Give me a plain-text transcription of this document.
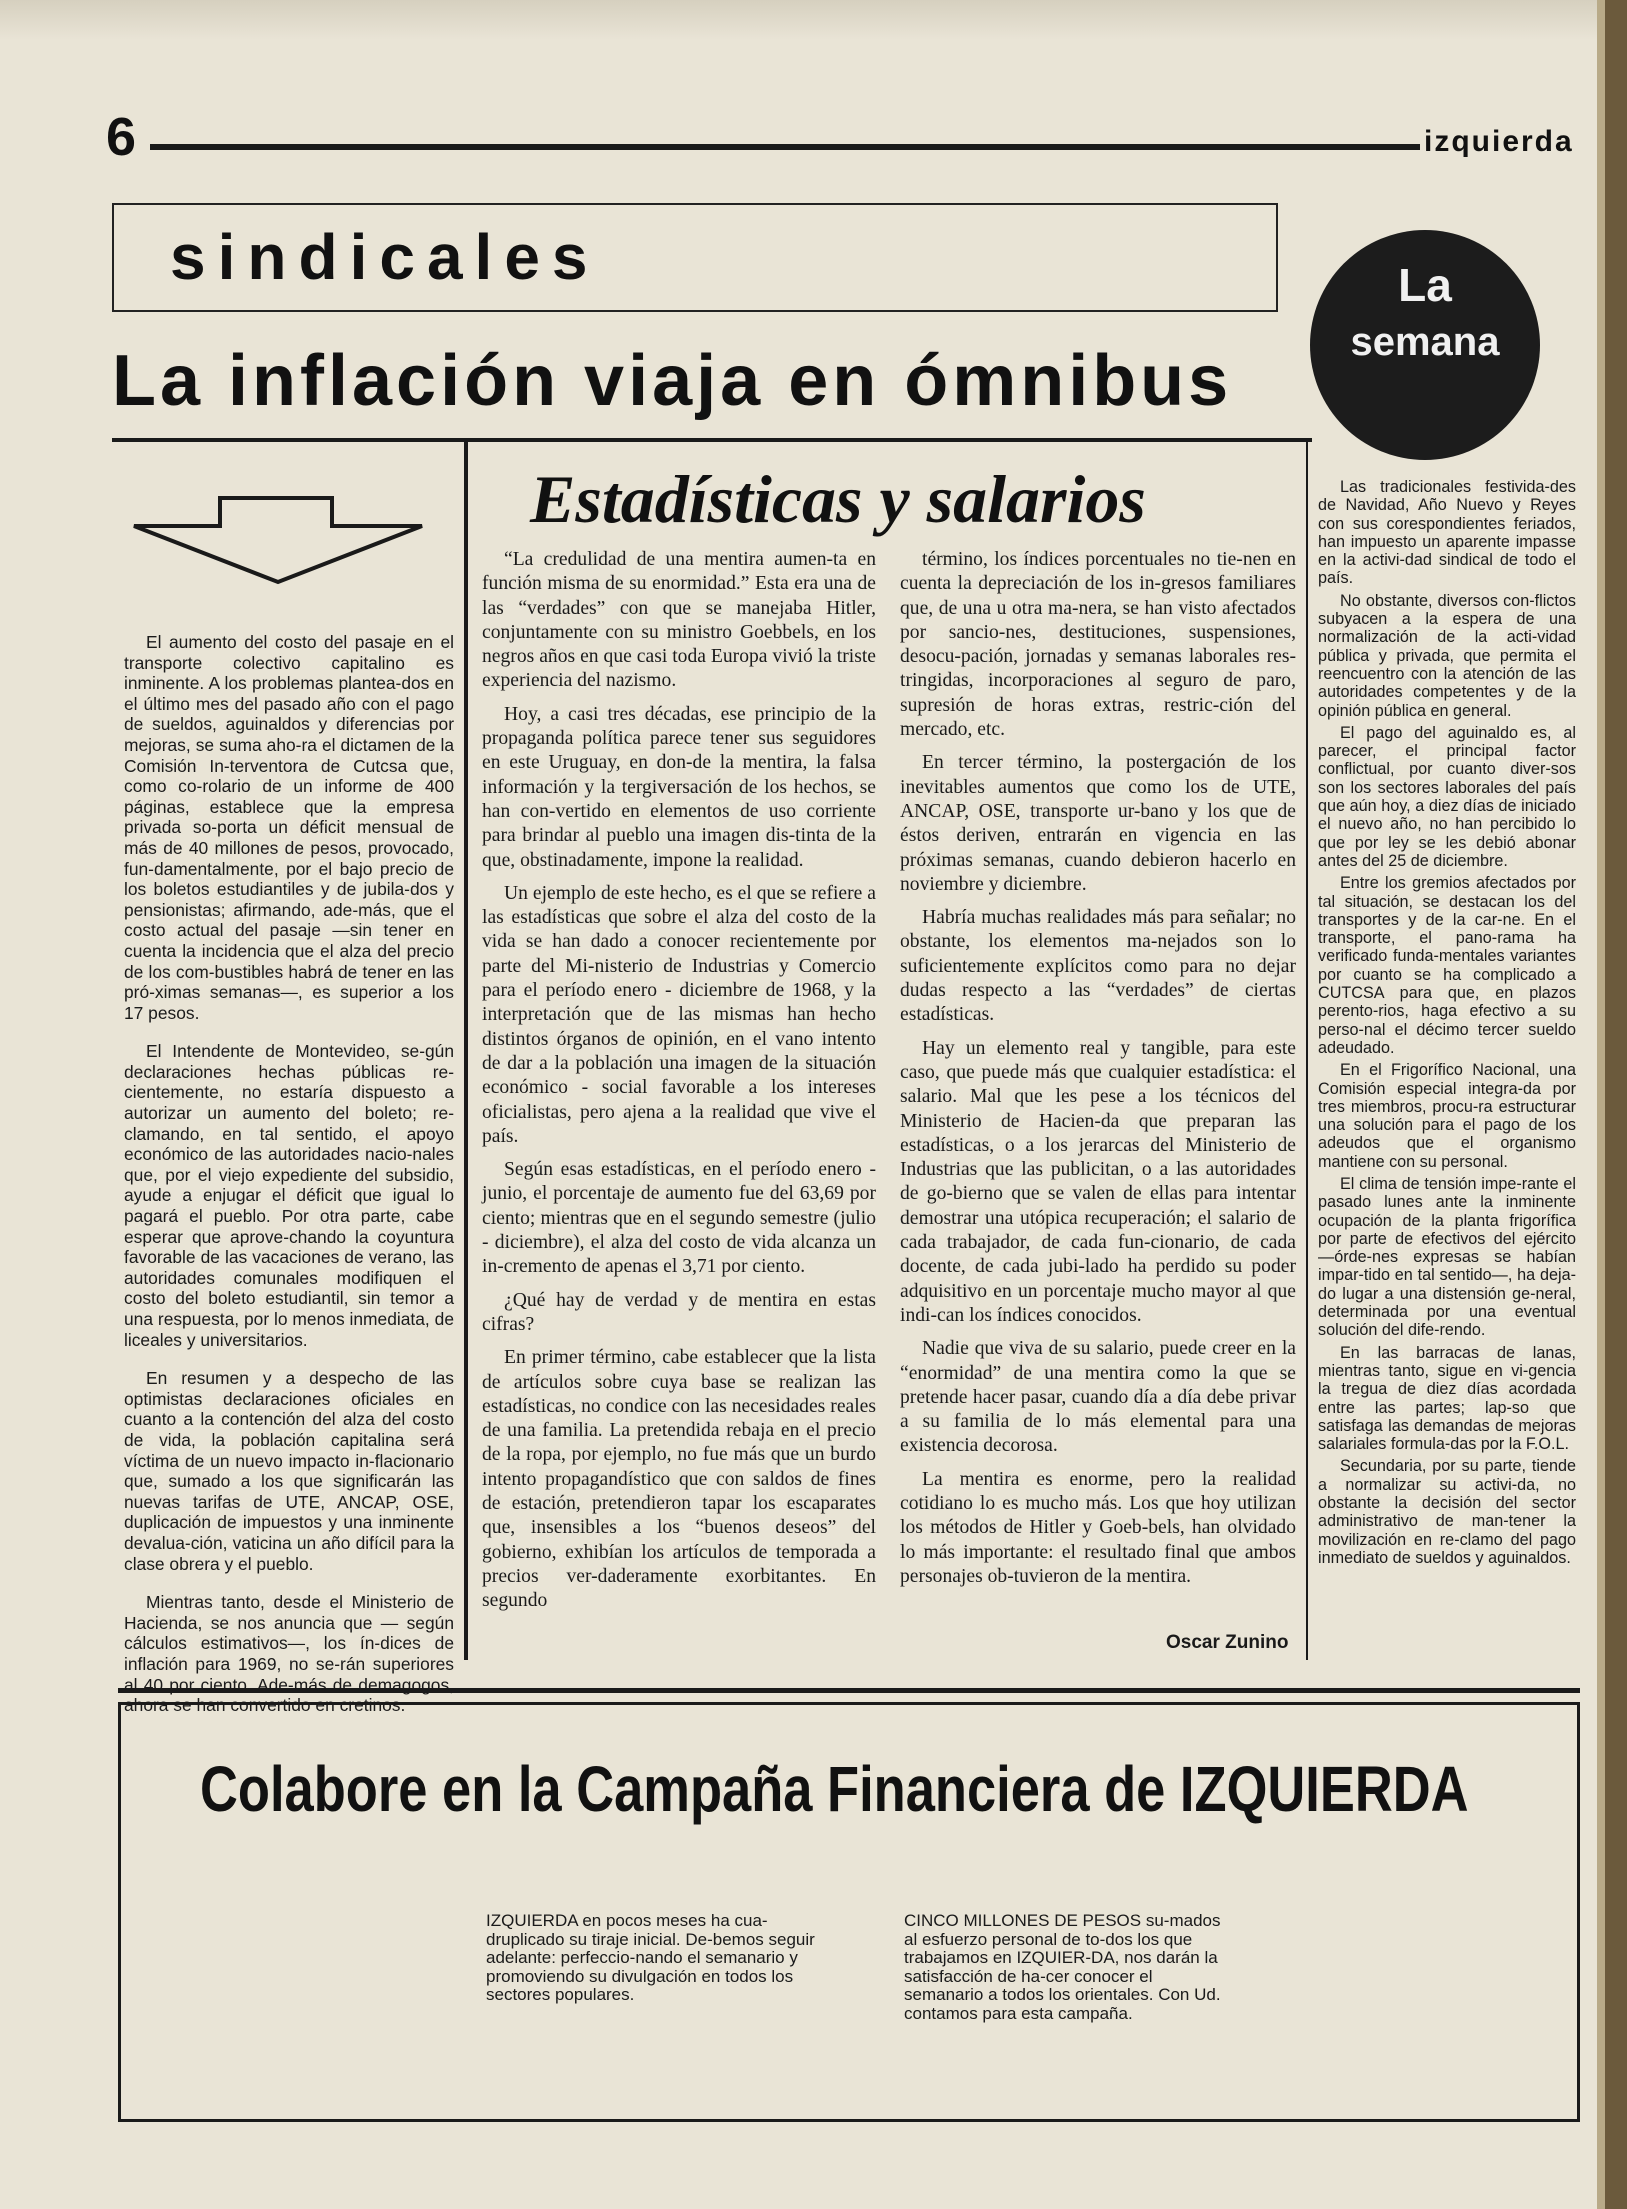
6	izquierda
sindicales
La inflación viaja en ómnibus
La
semana

El aumento del costo del pasaje en el transporte colectivo capitalino es inminente. A los problemas plantea-dos en el último mes del pasado año con el pago de sueldos, aguinaldos y diferencias por mejoras, se suma aho-ra el dictamen de la Comisión In-terventora de Cutcsa que, como co-rolario de un informe de 400 páginas, establece que la empresa privada so-porta un déficit mensual de más de 40 millones de pesos, provocado, fun-damentalmente, por el bajo precio de los boletos estudiantiles y de jubila-dos y pensionistas; afirmando, ade-más, que el costo actual del pasaje —sin tener en cuenta la incidencia que el alza del precio de los com-bustibles habrá de tener en las pró-ximas semanas—, es superior a los 17 pesos.

El Intendente de Montevideo, se-gún declaraciones hechas públicas re-cientemente, no estaría dispuesto a autorizar un aumento del boleto; re-clamando, en tal sentido, el apoyo económico de las autoridades nacio-nales que, por el viejo expediente del subsidio, ayude a enjugar el déficit que igual lo pagará el pueblo. Por otra parte, cabe esperar que aprove-chando la coyuntura favorable de las vacaciones de verano, las autoridades comunales modifiquen el costo del boleto estudiantil, sin temor a una respuesta, por lo menos inmediata, de liceales y universitarios.

En resumen y a despecho de las optimistas declaraciones oficiales en cuanto a la contención del alza del costo de vida, la población capitalina será víctima de un nuevo impacto in-flacionario que, sumado a los que significarán las nuevas tarifas de UTE, ANCAP, OSE, duplicación de impuestos y una inminente devalua-ción, vaticina un año difícil para la clase obrera y el pueblo.

Mientras tanto, desde el Ministerio de Hacienda, se nos anuncia que — según cálculos estimativos—, los ín-dices de inflación para 1969, no se-rán superiores al 40 por ciento. Ade-más de demagogos, ahora se han convertido en cretinos.

Estadísticas y salarios

“La credulidad de una mentira aumen-ta en función misma de su enormidad.” Esta era una de las “verdades” con que se manejaba Hitler, conjuntamente con su ministro Goebbels, en los negros años en que casi toda Europa vivió la triste experiencia del nazismo.

Hoy, a casi tres décadas, ese principio de la propaganda política parece tener sus seguidores en este Uruguay, en don-de la mentira, la falsa información y la tergiversación de los hechos, se han con-vertido en elementos de uso corriente para brindar al pueblo una imagen dis-tinta de la que, obstinadamente, impone la realidad.

Un ejemplo de este hecho, es el que se refiere a las estadísticas que sobre el alza del costo de la vida se han dado a conocer recientemente por parte del Mi-nisterio de Industrias y Comercio para el período enero - diciembre de 1968, y la interpretación que de las mismas han hecho distintos órganos de opinión, en el vano intento de dar a la población una imagen de la situación económico - social favorable a los intereses oficialistas, pero ajena a la realidad que vive el país.

Según esas estadísticas, en el período enero - junio, el porcentaje de aumento fue del 63,69 por ciento; mientras que en el segundo semestre (julio - diciembre), el alza del costo de vida alcanza un in-cremento de apenas el 3,71 por ciento.

¿Qué hay de verdad y de mentira en estas cifras?

En primer término, cabe establecer que la lista de artículos sobre cuya base se realizan las estadísticas, no condice con las necesidades reales de una familia. La pretendida rebaja en el precio de la ropa, por ejemplo, no fue más que un burdo intento propagandístico que con saldos de fines de estación, pretendieron tapar los escaparates que, insensibles a los “buenos deseos” del gobierno, exhibían los artículos de temporada a precios ver-daderamente exorbitantes. En segundo

término, los índices porcentuales no tie-nen en cuenta la depreciación de los in-gresos familiares que, de una u otra ma-nera, se han visto afectados por sancio-nes, destituciones, suspensiones, desocu-pación, jornadas y semanas laborales res-tringidas, incorporaciones al seguro de paro, supresión de horas extras, restric-ción del mercado, etc.

En tercer término, la postergación de los inevitables aumentos que como los de UTE, ANCAP, OSE, transporte ur-bano y los que de éstos deriven, entrarán en vigencia en las próximas semanas, cuando debieron hacerlo en noviembre y diciembre.

Habría muchas realidades más para señalar; no obstante, los elementos ma-nejados son lo suficientemente explícitos como para no dejar dudas respecto a las “verdades” de ciertas estadísticas.

Hay un elemento real y tangible, para este caso, que puede más que cualquier estadística: el salario. Mal que les pese a los técnicos del Ministerio de Hacien-da que preparan las estadísticas, o a los jerarcas del Ministerio de Industrias que las publicitan, o a las autoridades de go-bierno que se valen de ellas para intentar demostrar una utópica recuperación; el salario de cada trabajador, de cada fun-cionario, de cada docente, de cada jubi-lado ha perdido su poder adquisitivo en un porcentaje mucho mayor al que indi-can los índices conocidos.

Nadie que viva de su salario, puede creer en la “enormidad” de una mentira como la que se pretende hacer pasar, cuando día a día debe privar a su familia de lo más elemental para una existencia decorosa.

La mentira es enorme, pero la realidad cotidiano lo es mucho más. Los que hoy utilizan los métodos de Hitler y Goeb-bels, han olvidado lo más importante: el resultado final que ambos personajes ob-tuvieron de la mentira.

Oscar Zunino

Las tradicionales festivida-des de Navidad, Año Nuevo y Reyes con sus corespondientes feriados, han impuesto un aparente impasse en la activi-dad sindical de todo el país.

No obstante, diversos con-flictos subyacen a la espera de una normalización de la acti-vidad pública y privada, que permita el reencuentro con la atención de las autoridades competentes y de la opinión pública en general.

El pago del aguinaldo es, al parecer, el principal factor conflictual, por cuanto diver-sos son los sectores laborales del país que aún hoy, a diez días de iniciado el nuevo año, no han percibido lo que por ley se les debió abonar antes del 25 de diciembre.

Entre los gremios afectados por tal situación, se destacan los del transportes y de la car-ne. En el transporte, el pano-rama ha verificado funda-mentales variantes por cuanto se ha complicado a CUTCSA para que, en plazos perento-rios, haga efectivo a su perso-nal el décimo tercer sueldo adeudado.

En el Frigorífico Nacional, una Comisión especial integra-da por tres miembros, procu-ra estructurar una solución para el pago de los adeudos que el organismo mantiene con su personal.

El clima de tensión impe-rante el pasado lunes ante la inminente ocupación de la planta frigorífica por parte de efectivos del ejército —órde-nes expresas se habían impar-tido en tal sentido—, ha deja-do lugar a una distensión ge-neral, determinada por una eventual solución del dife-rendo.

En las barracas de lanas, mientras tanto, sigue en vi-gencia la tregua de diez días acordada entre las partes; lap-so que satisfaga las demandas de mejoras salariales formula-das por la F.O.L.

Secundaria, por su parte, tiende a normalizar su activi-da, no obstante la decisión del sector administrativo de man-tener la movilización en re-clamo del pago inmediato de sueldos y aguinaldos.

Colabore en la Campaña Financiera de IZQUIERDA

IZQUIERDA en pocos meses ha cua-druplicado su tiraje inicial. De-bemos seguir adelante: perfeccio-nando el semanario y promoviendo su divulgación en todos los sectores populares.

CINCO MILLONES DE PESOS su-mados al esfuerzo personal de to-dos los que trabajamos en IZQUIER-DA, nos darán la satisfacción de ha-cer conocer el semanario a todos los orientales. Con Ud. contamos para esta campaña.
